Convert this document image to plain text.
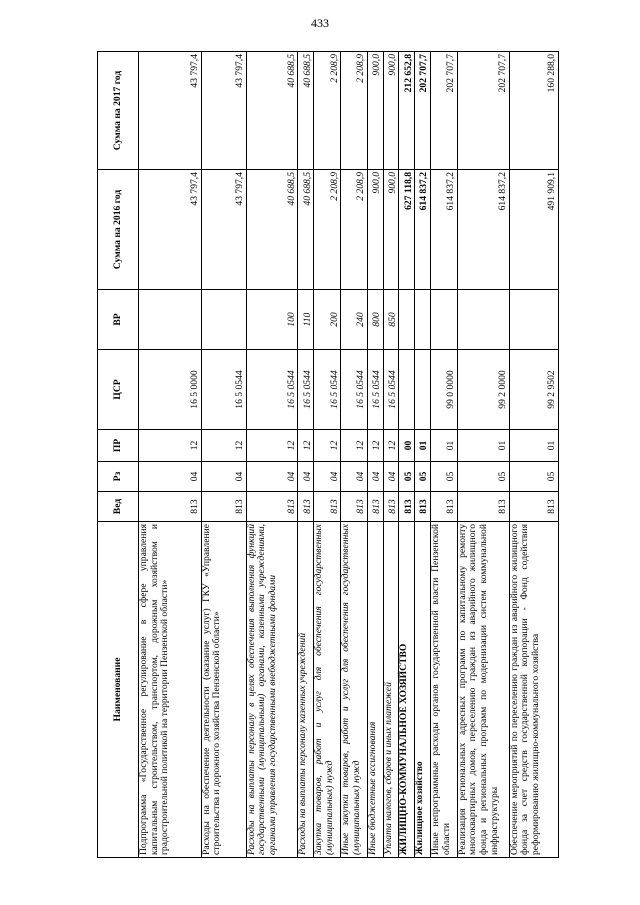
433
Наименование	Вед	Рз	ПР	ЦСР	ВР	Сумма на 2016 год	Сумма на 2017 год
Подпрограмма «Государственное регулирование в сфере управления капитальным строительством, транспортом, дорожным хозяйством и градостроительной политикой на территории Пензенской области»	813	04	12	16 5 0000		43 797,4	43 797,4
Расходы на обеспечение деятельности (оказание услуг) ГКУ «Управление строительства и дорожного хозяйства Пензенской области»	813	04	12	16 5 0544		43 797,4	43 797,4
Расходы на выплаты персоналу в целях обеспечения выполнения функций государственными (муниципальными) органами, казенными учреждениями, органами управления государственными внебюджетными фондами	813	04	12	16 5 0544	100	40 688,5	40 688,5
Расходы на выплаты персоналу казенных учреждений	813	04	12	16 5 0544	110	40 688,5	40 688,5
Закупка товаров, работ и услуг для обеспечения государственных (муниципальных) нужд	813	04	12	16 5 0544	200	2 208,9	2 208,9
Иные закупки товаров, работ и услуг для обеспечения государственных (муниципальных) нужд	813	04	12	16 5 0544	240	2 208,9	2 208,9
Иные бюджетные ассигнования	813	04	12	16 5 0544	800	900,0	900,0
Уплата налогов, сборов и иных платежей	813	04	12	16 5 0544	850	900,0	900,0
ЖИЛИЩНО-КОММУНАЛЬНОЕ ХОЗЯЙСТВО	813	05	00			627 118,8	212 652,8
Жилищное хозяйство	813	05	01			614 837,2	202 707,7
Иные непрограммные расходы органов государственной власти Пензенской области	813	05	01	99 0 0000		614 837,2	202 707,7
Реализация региональных адресных программ по капитальному ремонту многоквартирных домов, переселению граждан из аварийного жилищного фонда и региональных программ по модернизации систем коммунальной инфраструктуры	813	05	01	99 2 0000		614 837,2	202 707,7
Обеспечение мероприятий по переселению граждан из аварийного жилищного фонда за счет средств государственной корпорации - Фонд содействия реформированию жилищно-коммунального хозяйства	813	05	01	99 2 9502		491 909,1	160 288,0
